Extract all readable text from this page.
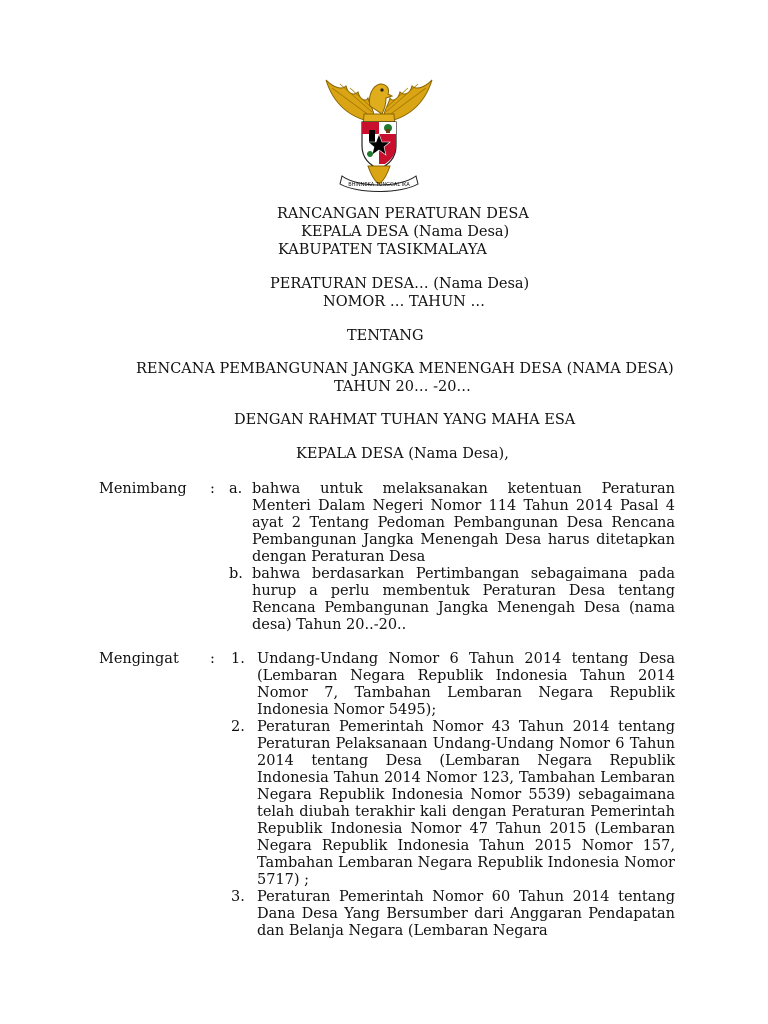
BHINNEKA TUNGGAL IKA
RANCANGAN PERATURAN DESA
KEPALA DESA (Nama Desa)
KABUPATEN TASIKMALAYA
PERATURAN DESA… (Nama Desa)
NOMOR … TAHUN …
TENTANG
RENCANA PEMBANGUNAN JANGKA MENENGAH DESA (NAMA DESA)
TAHUN 20… -20…
DENGAN RAHMAT TUHAN YANG MAHA ESA
KEPALA DESA (Nama Desa),
Menimbang : a. bahwa untuk melaksanakan ketentuan Peraturan Menteri Dalam Negeri Nomor 114 Tahun 2014 Pasal 4 ayat 2 Tentang Pedoman Pembangunan Desa Rencana Pembangunan Jangka Menengah Desa harus ditetapkan dengan Peraturan Desa
b. bahwa berdasarkan Pertimbangan sebagaimana pada hurup a perlu membentuk Peraturan Desa tentang Rencana Pembangunan Jangka Menengah Desa (nama desa) Tahun 20..-20..
Mengingat : 1. Undang-Undang Nomor 6 Tahun 2014 tentang Desa (Lembaran Negara Republik Indonesia Tahun 2014 Nomor 7, Tambahan Lembaran Negara Republik Indonesia Nomor 5495);
2. Peraturan Pemerintah Nomor 43 Tahun 2014 tentang Peraturan Pelaksanaan Undang-Undang Nomor 6 Tahun 2014 tentang Desa (Lembaran Negara Republik Indonesia Tahun 2014 Nomor 123, Tambahan Lembaran Negara Republik Indonesia Nomor 5539) sebagaimana telah diubah terakhir kali dengan Peraturan Pemerintah Republik Indonesia Nomor 47 Tahun 2015 (Lembaran Negara Republik Indonesia Tahun 2015 Nomor 157, Tambahan Lembaran Negara Republik Indonesia Nomor 5717) ;
3. Peraturan Pemerintah Nomor 60 Tahun 2014 tentang Dana Desa Yang Bersumber dari Anggaran Pendapatan dan Belanja Negara (Lembaran Negara
